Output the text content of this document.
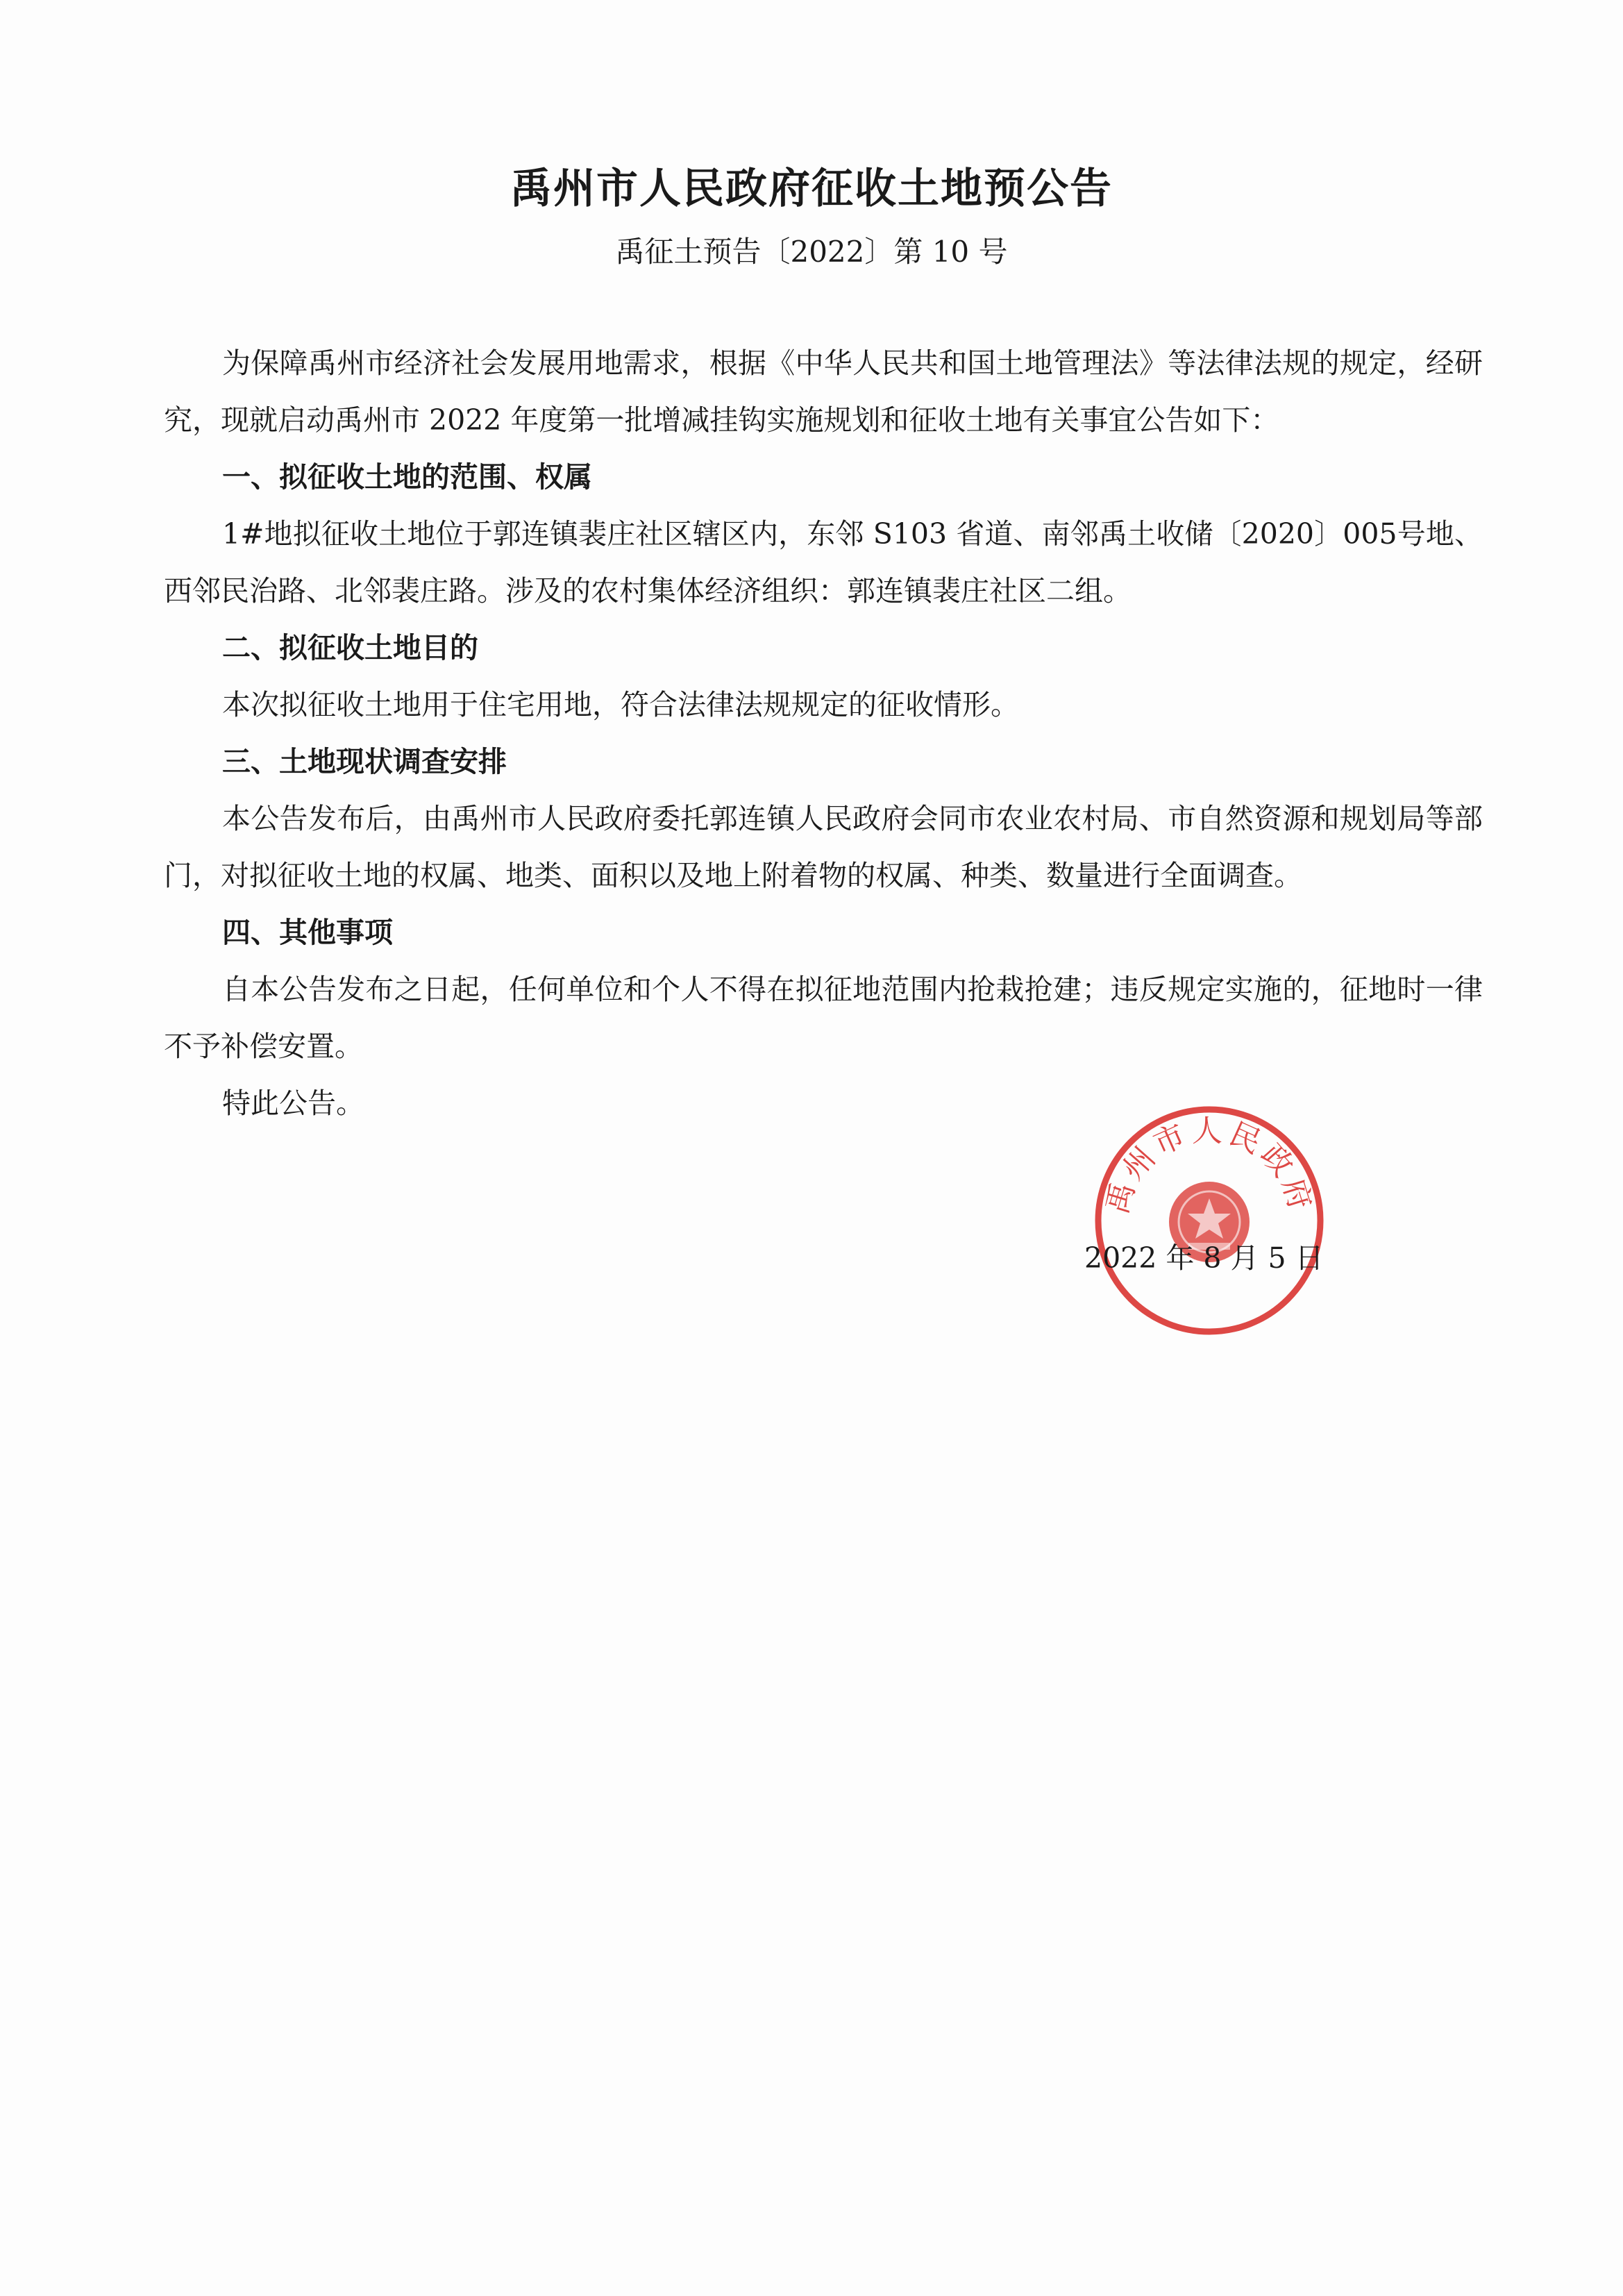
禹州市人民政府征收土地预公告
禹征土预告〔2022〕第 10 号

为保障禹州市经济社会发展用地需求，根据《中华人民共和国土地管理法》等法律法规的规定，经研究，现就启动禹州市 2022 年度第一批增减挂钩实施规划和征收土地有关事宜公告如下：

一、拟征收土地的范围、权属

1#地拟征收土地位于郭连镇裴庄社区辖区内，东邻 S103 省道、南邻禹土收储〔2020〕005号地、西邻民治路、北邻裴庄路。涉及的农村集体经济组织：郭连镇裴庄社区二组。

二、拟征收土地目的

本次拟征收土地用于住宅用地，符合法律法规规定的征收情形。

三、土地现状调查安排

本公告发布后，由禹州市人民政府委托郭连镇人民政府会同市农业农村局、市自然资源和规划局等部门，对拟征收土地的权属、地类、面积以及地上附着物的权属、种类、数量进行全面调查。

四、其他事项

自本公告发布之日起，任何单位和个人不得在拟征地范围内抢栽抢建；违反规定实施的，征地时一律不予补偿安置。

特此公告。

禹州市人民政府
2022 年 8 月 5 日
